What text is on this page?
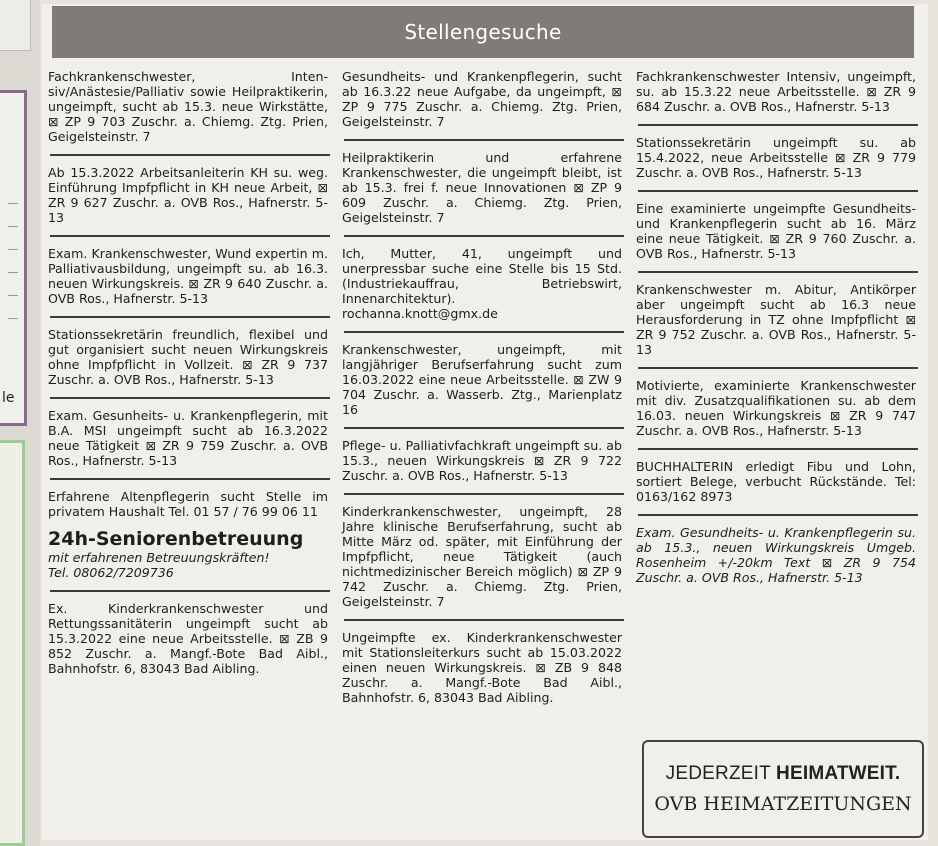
le
Stellengesuche

Fachkrankenschwester, Inten-siv/Anästesie/Palliativ sowie Heilpraktikerin, ungeimpft, sucht ab 15.3. neue Wirkstätte, ⊠ ZP 9 703 Zuschr. a. Chiemg. Ztg. Prien, Geigelsteinstr. 7

Ab 15.3.2022 Arbeitsanleiterin KH su. weg. Einführung Impfpflicht in KH neue Arbeit, ⊠ ZR 9 627 Zuschr. a. OVB Ros., Hafnerstr. 5-13

Exam. Krankenschwester, Wund expertin m. Palliativausbildung, ungeimpft su. ab 16.3. neuen Wirkungskreis. ⊠ ZR 9 640 Zuschr. a. OVB Ros., Hafnerstr. 5-13

Stationssekretärin freundlich, flexibel und gut organisiert sucht neuen Wirkungskreis ohne Impfpflicht in Vollzeit. ⊠ ZR 9 737 Zuschr. a. OVB Ros., Hafnerstr. 5-13

Exam. Gesunheits- u. Krankenpflegerin, mit B.A. MSI ungeimpft sucht ab 16.3.2022 neue Tätigkeit ⊠ ZR 9 759 Zuschr. a. OVB Ros., Hafnerstr. 5-13

Erfahrene Altenpflegerin sucht Stelle im privatem Haushalt Tel. 01 57 / 76 99 06 11

24h-Seniorenbetreuung
mit erfahrenen Betreuungskräften!
Tel. 08062/7209736

Ex. Kinderkrankenschwester und Rettungssanitäterin ungeimpft sucht ab 15.3.2022 eine neue Arbeitsstelle. ⊠ ZB 9 852 Zuschr. a. Mangf.-Bote Bad Aibl., Bahnhofstr. 6, 83043 Bad Aibling.

Gesundheits- und Krankenpflegerin, sucht ab 16.3.22 neue Aufgabe, da ungeimpft, ⊠ ZP 9 775 Zuschr. a. Chiemg. Ztg. Prien, Geigelsteinstr. 7

Heilpraktikerin und erfahrene Krankenschwester, die ungeimpft bleibt, ist ab 15.3. frei f. neue Innovationen ⊠ ZP 9 609 Zuschr. a. Chiemg. Ztg. Prien, Geigelsteinstr. 7

Ich, Mutter, 41, ungeimpft und unerpressbar suche eine Stelle bis 15 Std. (Industriekauffrau, Betriebswirt, Innenarchitektur).

rochanna.knott@gmx.de

Krankenschwester, ungeimpft, mit langjähriger Berufserfahrung sucht zum 16.03.2022 eine neue Arbeitsstelle. ⊠ ZW 9 704 Zuschr. a. Wasserb. Ztg., Marienplatz 16

Pflege- u. Palliativfachkraft ungeimpft su. ab 15.3., neuen Wirkungskreis ⊠ ZR 9 722 Zuschr. a. OVB Ros., Hafnerstr. 5-13

Kinderkrankenschwester, ungeimpft, 28 Jahre klinische Berufserfahrung, sucht ab Mitte März od. später, mit Einführung der Impfpflicht, neue Tätigkeit (auch nichtmedizinischer Bereich möglich) ⊠ ZP 9 742 Zuschr. a. Chiemg. Ztg. Prien, Geigelsteinstr. 7

Ungeimpfte ex. Kinderkrankenschwester mit Stationsleiterkurs sucht ab 15.03.2022 einen neuen Wirkungskreis. ⊠ ZB 9 848 Zuschr. a. Mangf.-Bote Bad Aibl., Bahnhofstr. 6, 83043 Bad Aibling.

Fachkrankenschwester Intensiv, ungeimpft, su. ab 15.3.22 neue Arbeitsstelle. ⊠ ZR 9 684 Zuschr. a. OVB Ros., Hafnerstr. 5-13

Stationssekretärin ungeimpft su. ab 15.4.2022, neue Arbeitsstelle ⊠ ZR 9 779 Zuschr. a. OVB Ros., Hafnerstr. 5-13

Eine examinierte ungeimpfte Gesundheits- und Krankenpflegerin sucht ab 16. März eine neue Tätigkeit. ⊠ ZR 9 760 Zuschr. a. OVB Ros., Hafnerstr. 5-13

Krankenschwester m. Abitur, Antikörper aber ungeimpft sucht ab 16.3 neue Herausforderung in TZ ohne Impfpflicht ⊠ ZR 9 752 Zuschr. a. OVB Ros., Hafnerstr. 5-13

Motivierte, examinierte Krankenschwester mit div. Zusatzqualifikationen su. ab dem 16.03. neuen Wirkungskreis ⊠ ZR 9 747 Zuschr. a. OVB Ros., Hafnerstr. 5-13

BUCHHALTERIN erledigt Fibu und Lohn, sortiert Belege, verbucht Rückstände. Tel: 0163/162 8973

Exam. Gesundheits- u. Krankenpflegerin su. ab 15.3., neuen Wirkungskreis Umgeb. Rosenheim +/-20km Text ⊠ ZR 9 754 Zuschr. a. OVB Ros., Hafnerstr. 5-13

JEDERZEIT HEIMATWEIT.
OVB HEIMATZEITUNGEN
